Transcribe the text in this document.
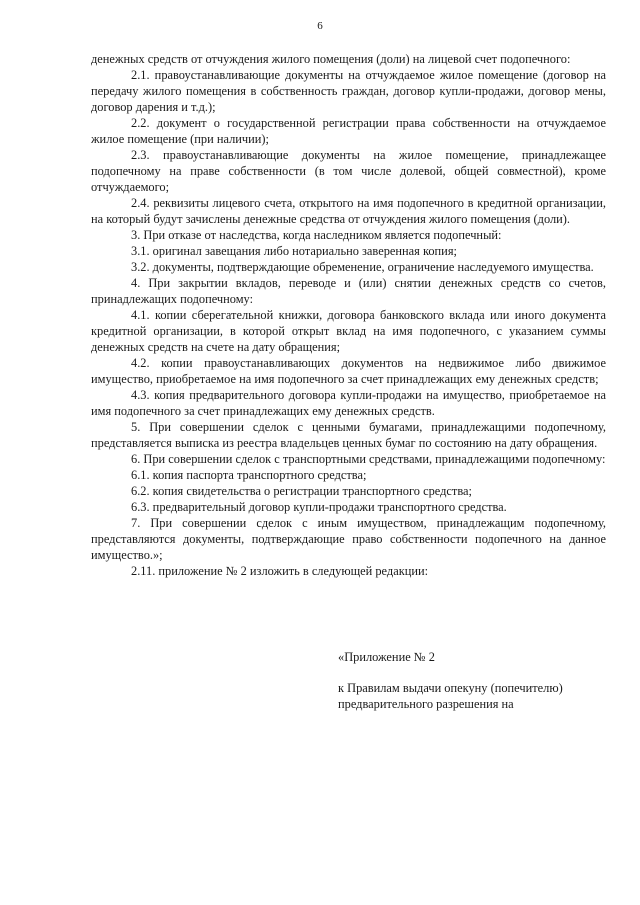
6

денежных средств от отчуждения жилого помещения (доли) на лицевой счет подопечного:

2.1. правоустанавливающие документы на отчуждаемое жилое помещение (договор на передачу жилого помещения в собственность граждан, договор купли-продажи, договор мены, договор дарения и т.д.);

2.2. документ о государственной регистрации права собственности на отчуждаемое жилое помещение (при наличии);

2.3. правоустанавливающие документы на жилое помещение, принадлежащее подопечному на праве собственности (в том числе долевой, общей совместной), кроме отчуждаемого;

2.4. реквизиты лицевого счета, открытого на имя подопечного в кредитной организации, на который будут зачислены денежные средства от отчуждения жилого помещения (доли).

3. При отказе от наследства, когда наследником является подопечный:

3.1. оригинал завещания либо нотариально заверенная копия;

3.2. документы, подтверждающие обременение, ограничение наследуемого имущества.

4. При закрытии вкладов, переводе и (или) снятии денежных средств со счетов, принадлежащих подопечному:

4.1. копии сберегательной книжки, договора банковского вклада или иного документа кредитной организации, в которой открыт вклад на имя подопечного, с указанием суммы денежных средств на счете на дату обращения;

4.2. копии правоустанавливающих документов на недвижимое либо движимое имущество, приобретаемое на имя подопечного за счет принадлежащих ему денежных средств;

4.3. копия предварительного договора купли-продажи на имущество, приобретаемое на имя подопечного за счет принадлежащих ему денежных средств.

5. При совершении сделок с ценными бумагами, принадлежащими подопечному, представляется выписка из реестра владельцев ценных бумаг по состоянию на дату обращения.

6. При совершении сделок с транспортными средствами, принадлежащими подопечному:

6.1. копия паспорта транспортного средства;

6.2. копия свидетельства о регистрации транспортного средства;

6.3. предварительный договор купли-продажи транспортного средства.

7. При совершении сделок с иным имуществом, принадлежащим подопечному, представляются документы, подтверждающие право собственности подопечного на данное имущество.»;

2.11. приложение № 2 изложить в следующей редакции:

«Приложение № 2
к Правилам выдачи опекуну (попечителю)
предварительного разрешения на
